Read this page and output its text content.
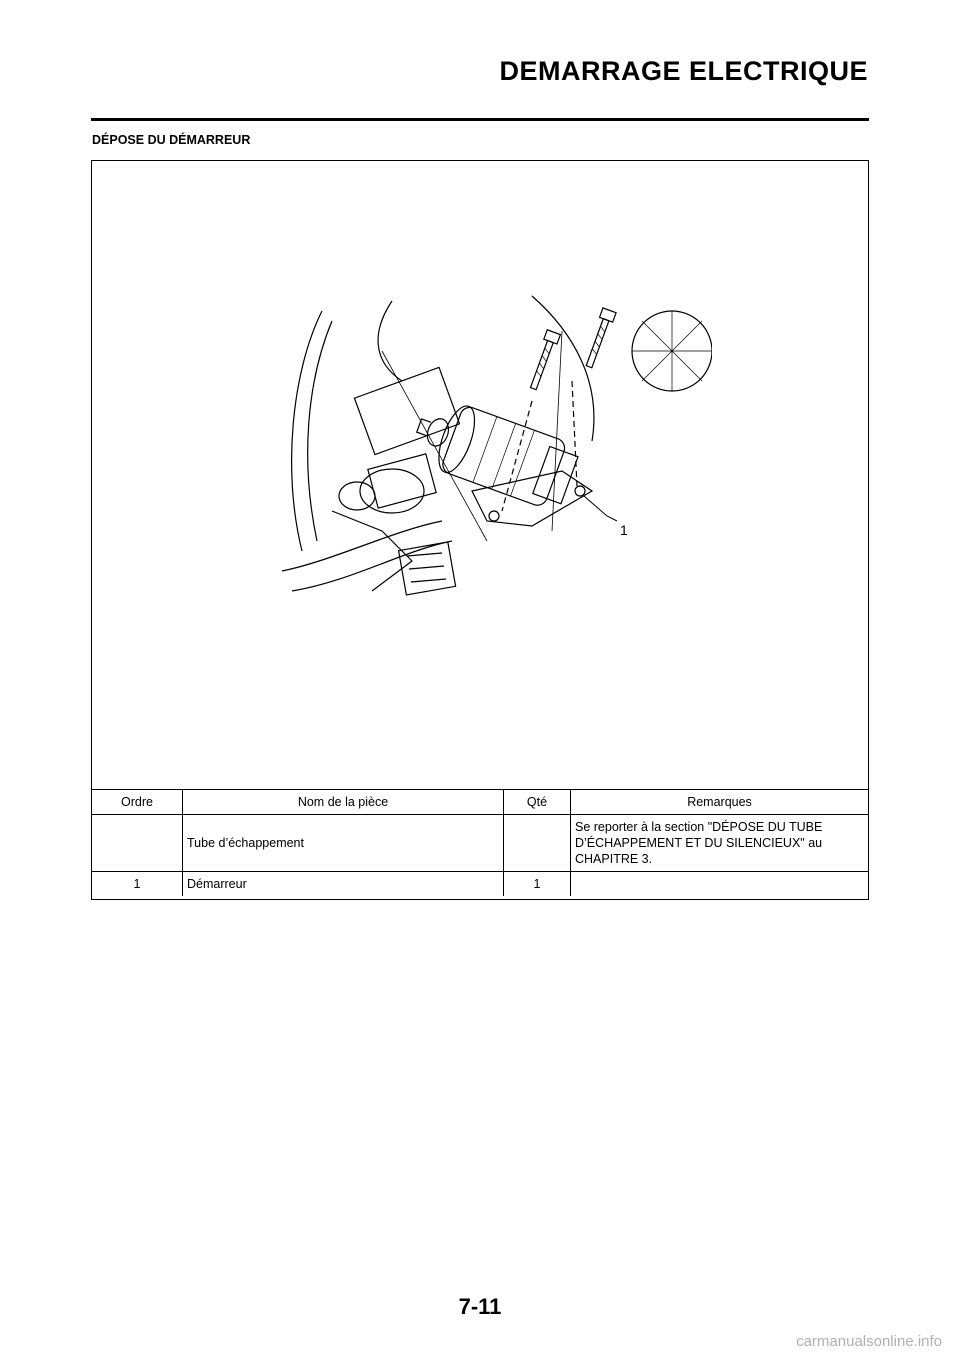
DEMARRAGE ELECTRIQUE
DÉPOSE DU DÉMARREUR
1
Ordre	Nom de la pièce	Qté	Remarques
	Tube d’échappement		Se reporter à la section "DÉPOSE DU TUBE D’ÉCHAPPEMENT ET DU SILENCIEUX" au CHAPITRE 3.
1	Démarreur	1	
7-11
carmanualsonline.info
